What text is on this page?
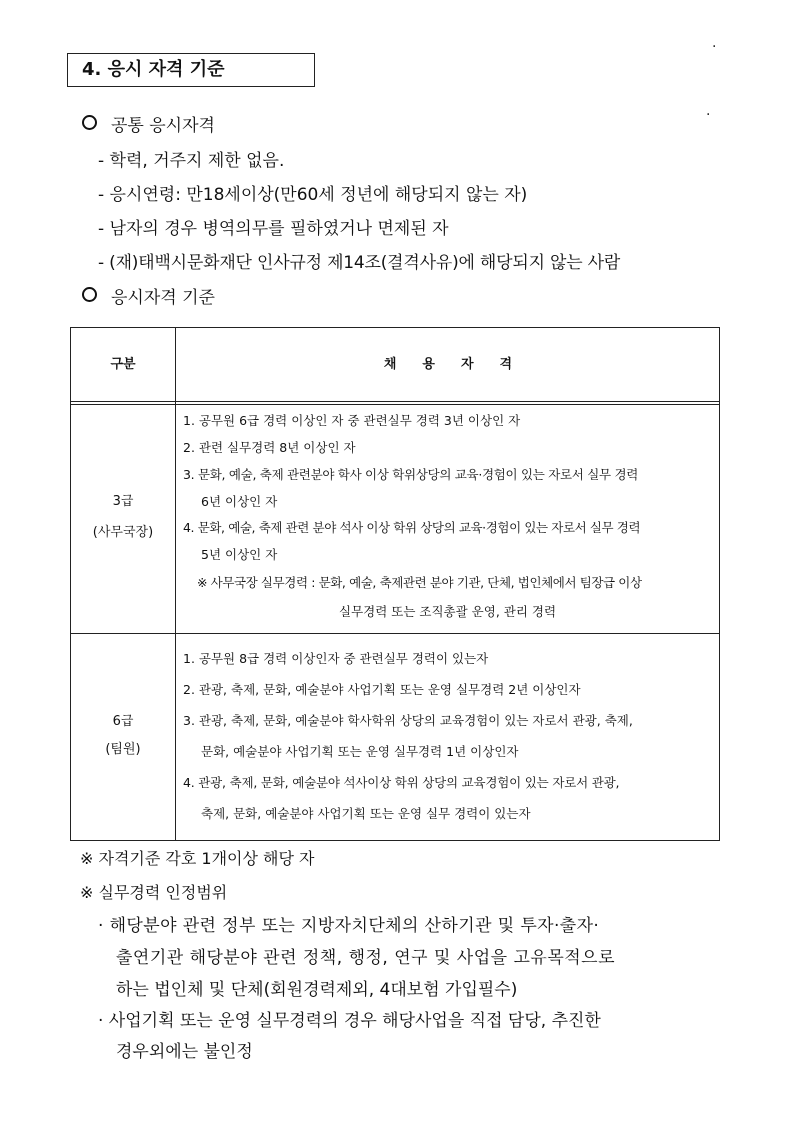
·
·
4. 응시 자격 기준
공통 응시자격
- 학력, 거주지 제한 없음.
- 응시연령: 만18세이상(만60세 정년에 해당되지 않는 자)
- 남자의 경우 병역의무를 필하였거나 면제된 자
- (재)태백시문화재단 인사규정 제14조(결격사유)에 해당되지 않는 사람
응시자격 기준
구분	채용자격
3급
(사무국장)
1. 공무원 6급 경력 이상인 자 중 관련실무 경력 3년 이상인 자
2. 관련 실무경력 8년 이상인 자
3. 문화, 예술, 축제 관련분야 학사 이상 학위상당의 교육·경험이 있는 자로서 실무 경력
6년 이상인 자
4. 문화, 예술, 축제 관련 분야 석사 이상 학위 상당의 교육·경험이 있는 자로서 실무 경력
5년 이상인 자
※ 사무국장 실무경력 : 문화, 예술, 축제관련 분야 기관, 단체, 법인체에서 팀장급 이상
실무경력 또는 조직총괄 운영, 관리 경력
6급
(팀원)
1. 공무원 8급 경력 이상인자 중 관련실무 경력이 있는자
2. 관광, 축제, 문화, 예술분야 사업기획 또는 운영 실무경력 2년 이상인자
3. 관광, 축제, 문화, 예술분야 학사학위 상당의 교육경험이 있는 자로서 관광, 축제,
문화, 예술분야 사업기획 또는 운영 실무경력 1년 이상인자
4. 관광, 축제, 문화, 예술분야 석사이상 학위 상당의 교육경험이 있는 자로서 관광,
축제, 문화, 예술분야 사업기획 또는 운영 실무 경력이 있는자
※ 자격기준 각호 1개이상 해당 자
※ 실무경력 인정범위
· 해당분야 관련 정부 또는 지방자치단체의 산하기관 및 투자·출자·
출연기관 해당분야 관련 정책, 행정, 연구 및 사업을 고유목적으로
하는 법인체 및 단체(회원경력제외, 4대보험 가입필수)
· 사업기획 또는 운영 실무경력의 경우 해당사업을 직접 담당, 추진한
경우외에는 불인정
